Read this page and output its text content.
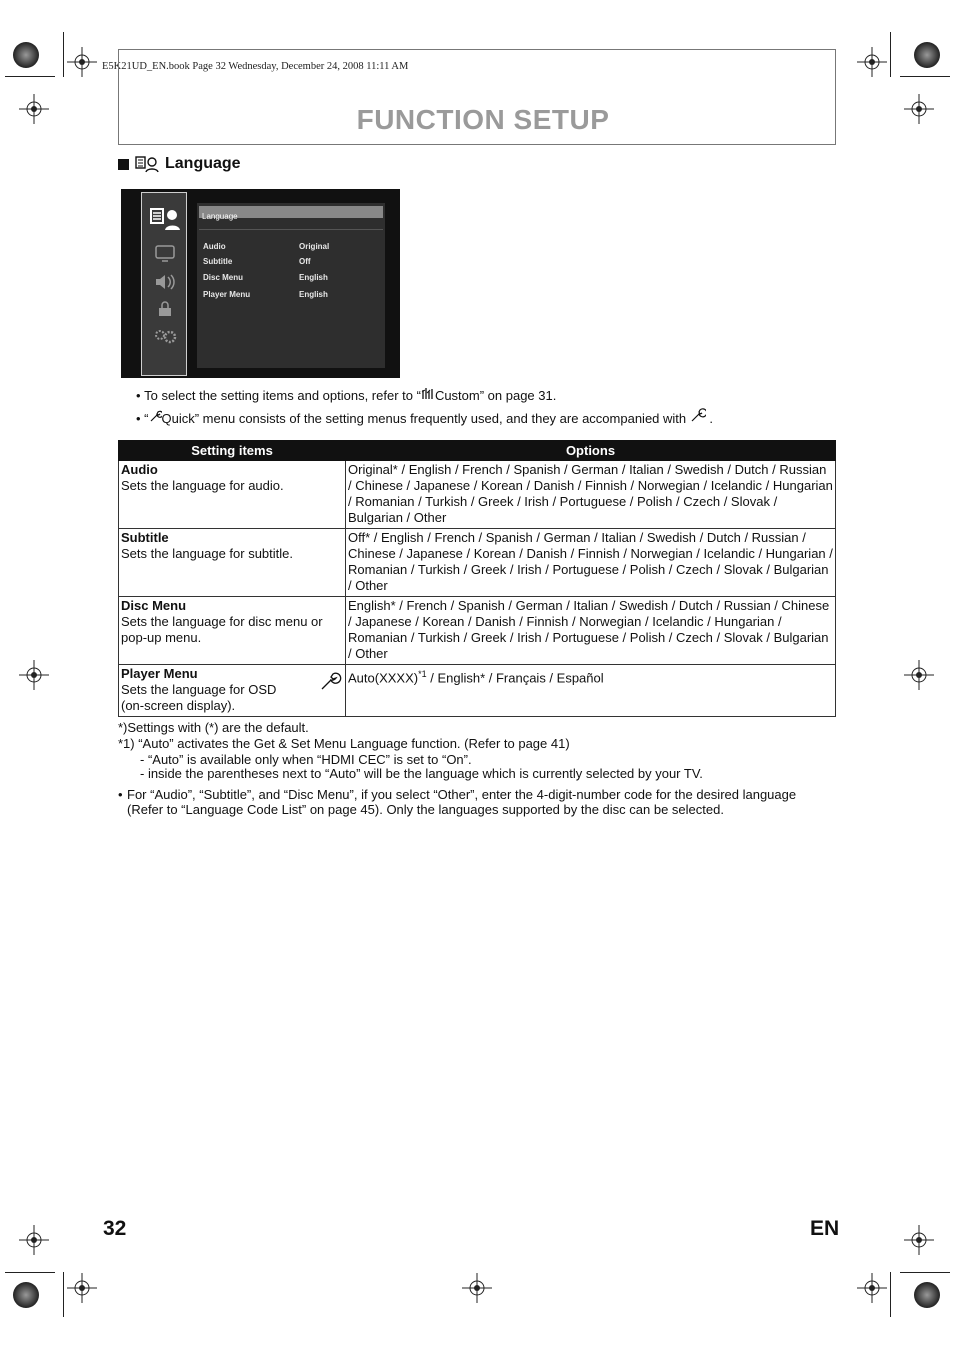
E5K21UD_EN.book Page 32 Wednesday, December 24, 2008 11:11 AM
FUNCTION SETUP
Language
Language
Audio	Original
Subtitle	Off
Disc Menu	English
Player Menu	English
• To select the setting items and options, refer to “ Custom” on page 31.
• “ Quick” menu consists of the setting menus frequently used, and they are accompanied with  .
Setting items	Options

Audio
Sets the language for audio.	Original* / English / French / Spanish / German / Italian / Swedish / Dutch / Russian / Chinese / Japanese / Korean / Danish / Finnish / Norwegian / Icelandic / Hungarian / Romanian / Turkish / Greek / Irish / Portuguese / Polish / Czech / Slovak / Bulgarian / Other

Subtitle
Sets the language for subtitle.	Off* / English / French / Spanish / German / Italian / Swedish / Dutch / Russian / Chinese / Japanese / Korean / Danish / Finnish / Norwegian / Icelandic / Hungarian / Romanian / Turkish / Greek / Irish / Portuguese / Polish / Czech / Slovak / Bulgarian / Other

Disc Menu
Sets the language for disc menu or pop-up menu.	English* / French / Spanish / German / Italian / Swedish / Dutch / Russian / Chinese / Japanese / Korean / Danish / Finnish / Norwegian / Icelandic / Hungarian / Romanian / Turkish / Greek / Irish / Portuguese / Polish / Czech / Slovak / Bulgarian / Other

Player Menu
Sets the language for OSD (on-screen display).	Auto(XXXX)$^{*1}$ / English* / Français / Español
*)Settings with (*) are the default.
*1) “Auto” activates the Get & Set Menu Language function. (Refer to page 41)
- “Auto” is available only when “HDMI CEC” is set to “On”.
- inside the parentheses next to “Auto” will be the language which is currently selected by your TV.
• For “Audio”, “Subtitle”, and “Disc Menu”, if you select “Other”, enter the 4-digit-number code for the desired language
(Refer to “Language Code List” on page 45). Only the languages supported by the disc can be selected.
32	EN
